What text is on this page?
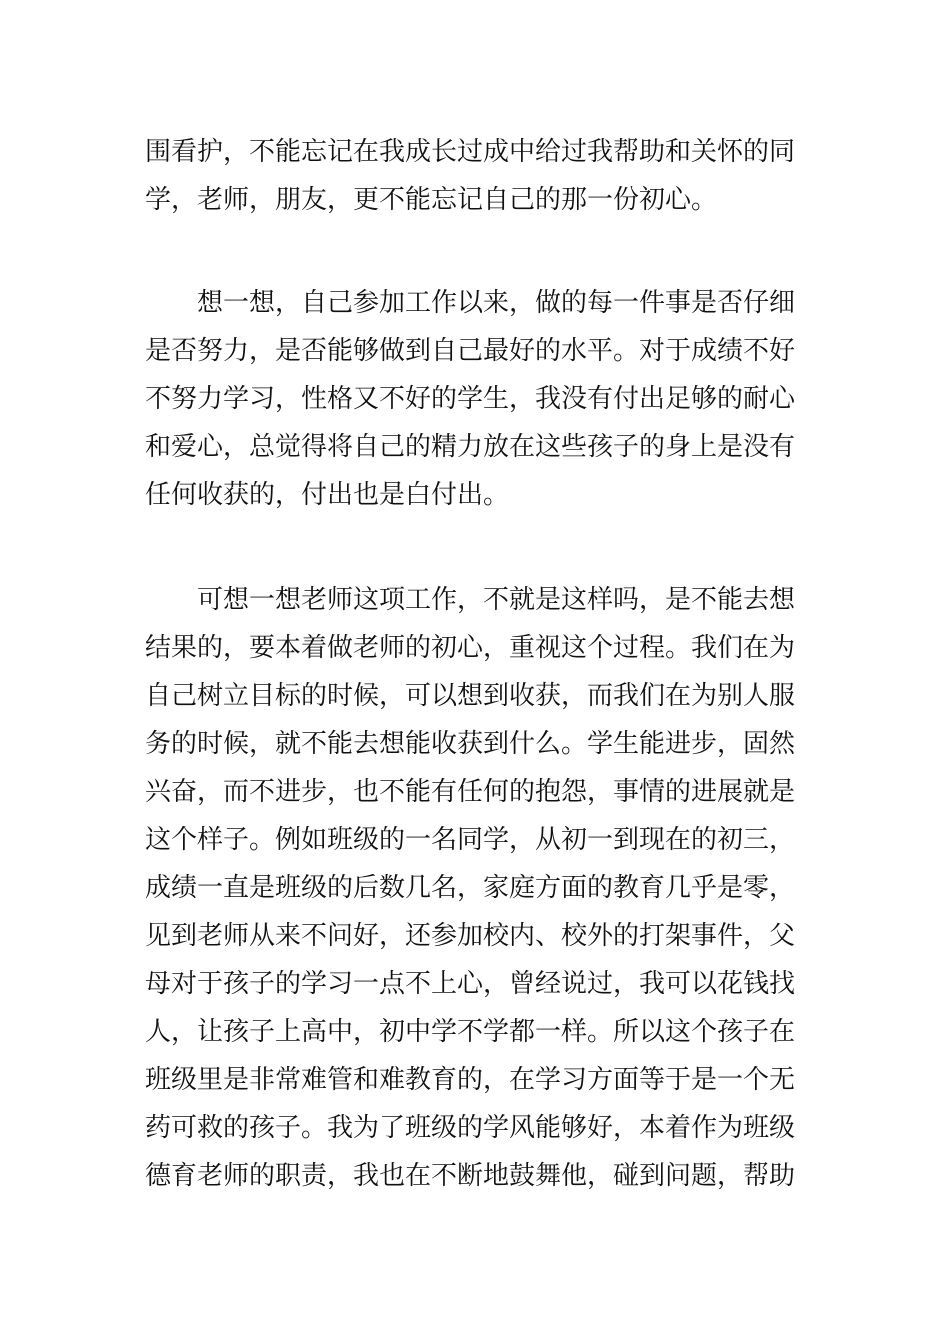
围看护，不能忘记在我成长过成中给过我帮助和关怀的同
学，老师，朋友，更不能忘记自己的那一份初心。
想一想，自己参加工作以来，做的每一件事是否仔细
是否努力，是否能够做到自己最好的水平。对于成绩不好
不努力学习，性格又不好的学生，我没有付出足够的耐心
和爱心，总觉得将自己的精力放在这些孩子的身上是没有
任何收获的，付出也是白付出。
可想一想老师这项工作，不就是这样吗，是不能去想
结果的，要本着做老师的初心，重视这个过程。我们在为
自己树立目标的时候，可以想到收获，而我们在为别人服
务的时候，就不能去想能收获到什么。学生能进步，固然
兴奋，而不进步，也不能有任何的抱怨，事情的进展就是
这个样子。例如班级的一名同学，从初一到现在的初三，
成绩一直是班级的后数几名，家庭方面的教育几乎是零，
见到老师从来不问好，还参加校内、校外的打架事件，父
母对于孩子的学习一点不上心，曾经说过，我可以花钱找
人，让孩子上高中，初中学不学都一样。所以这个孩子在
班级里是非常难管和难教育的，在学习方面等于是一个无
药可救的孩子。我为了班级的学风能够好，本着作为班级
德育老师的职责，我也在不断地鼓舞他，碰到问题，帮助
